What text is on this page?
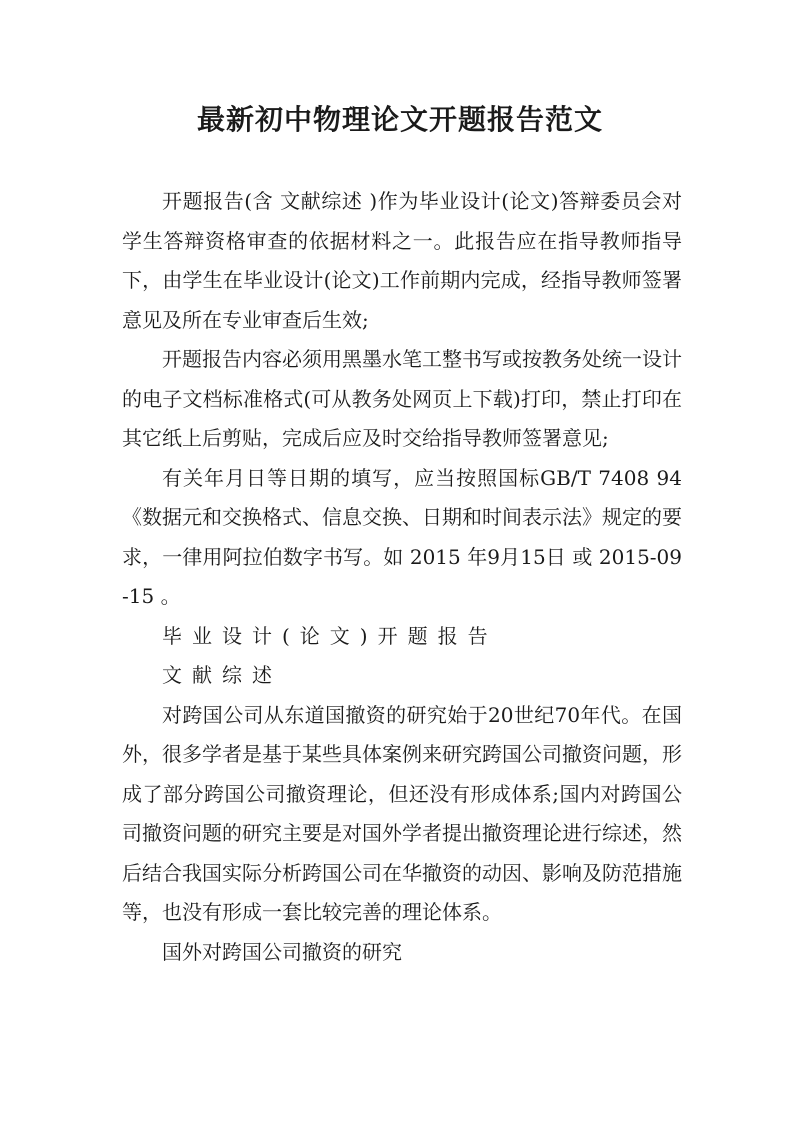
最新初中物理论文开题报告范文

开题报告(含 文献综述 )作为毕业设计(论文)答辩委员会对学生答辩资格审查的依据材料之一。此报告应在指导教师指导下，由学生在毕业设计(论文)工作前期内完成，经指导教师签署意见及所在专业审查后生效;

开题报告内容必须用黑墨水笔工整书写或按教务处统一设计的电子文档标准格式(可从教务处网页上下载)打印，禁止打印在其它纸上后剪贴，完成后应及时交给指导教师签署意见;

有关年月日等日期的填写，应当按照国标GB/T 7408 94《数据元和交换格式、信息交换、日期和时间表示法》规定的要求，一律用阿拉伯数字书写。如 2015 年9月15日 或 2015-09-15 。

毕业设计(论文)开题报告

文献综述

对跨国公司从东道国撤资的研究始于20世纪70年代。在国外，很多学者是基于某些具体案例来研究跨国公司撤资问题，形成了部分跨国公司撤资理论，但还没有形成体系;国内对跨国公司撤资问题的研究主要是对国外学者提出撤资理论进行综述，然后结合我国实际分析跨国公司在华撤资的动因、影响及防范措施等，也没有形成一套比较完善的理论体系。

国外对跨国公司撤资的研究
